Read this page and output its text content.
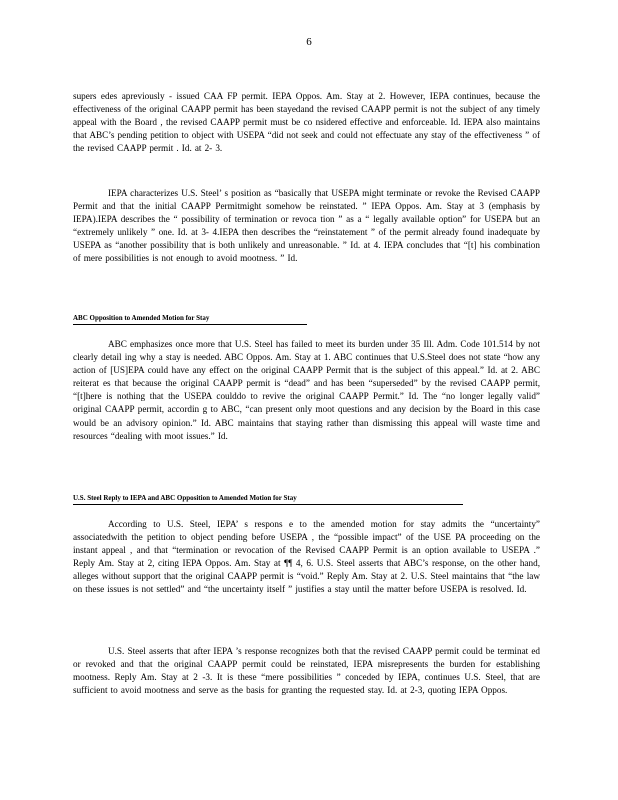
6

supers edes apreviously - issued CAA FP permit. IEPA Oppos. Am. Stay at 2. However, IEPA continues, because the effectiveness of the original CAAPP permit has been stayedand the revised CAAPP permit is not the subject of any timely appeal with the Board , the revised CAAPP permit must be co nsidered effective and enforceable. Id. IEPA also maintains that ABC’s pending petition to object with USEPA “did not seek and could not effectuate any stay of the effectiveness ” of the revised CAAPP permit . Id. at 2- 3.

IEPA characterizes U.S. Steel’ s position as “basically that USEPA might terminate or revoke the Revised CAAPP Permit and that the initial CAAPP Permitmight somehow be reinstated. ” IEPA Oppos. Am. Stay at 3 (emphasis by IEPA).IEPA describes the “ possibility of termination or revoca tion ” as a “ legally available option” for USEPA but an “extremely unlikely ” one. Id. at 3- 4.IEPA then describes the “reinstatement ” of the permit already found inadequate by USEPA as “another possibility that is both unlikely and unreasonable. ” Id. at 4. IEPA concludes that “[t] his combination of mere possibilities is not enough to avoid mootness. ” Id.

ABC Opposition to Amended Motion for Stay

ABC emphasizes once more that U.S. Steel has failed to meet its burden under 35 Ill. Adm. Code 101.514 by not clearly detail ing why a stay is needed. ABC Oppos. Am. Stay at 1. ABC continues that U.S.Steel does not state “how any action of [US]EPA could have any effect on the original CAAPP Permit that is the subject of this appeal.” Id. at 2. ABC reiterat es that because the original CAAPP permit is “dead” and has been “superseded” by the revised CAAPP permit, “[t]here is nothing that the USEPA coulddo to revive the original CAAPP Permit.” Id. The “no longer legally valid” original CAAPP permit, accordin g to ABC, “can present only moot questions and any decision by the Board in this case would be an advisory opinion.” Id. ABC maintains that staying rather than dismissing this appeal will waste time and resources “dealing with moot issues.” Id.

U.S. Steel Reply to IEPA and ABC Opposition to Amended Motion for Stay

According to U.S. Steel, IEPA’ s respons e to the amended motion for stay admits the “uncertainty” associatedwith the petition to object pending before USEPA , the “possible impact” of the USE PA proceeding on the instant appeal , and that “termination or revocation of the Revised CAAPP Permit is an option available to USEPA .” Reply Am. Stay at 2, citing IEPA Oppos. Am. Stay at ¶¶ 4, 6. U.S. Steel asserts that ABC’s response, on the other hand, alleges without support that the original CAAPP permit is “void.” Reply Am. Stay at 2. U.S. Steel maintains that “the law on these issues is not settled” and “the uncertainty itself ” justifies a stay until the matter before USEPA is resolved. Id.

U.S. Steel asserts that after IEPA ’s response recognizes both that the revised CAAPP permit could be terminat ed or revoked and that the original CAAPP permit could be reinstated, IEPA misrepresents the burden for establishing mootness. Reply Am. Stay at 2 -3. It is these “mere possibilities ” conceded by IEPA, continues U.S. Steel, that are sufficient to avoid mootness and serve as the basis for granting the requested stay. Id. at 2-3, quoting IEPA Oppos.
